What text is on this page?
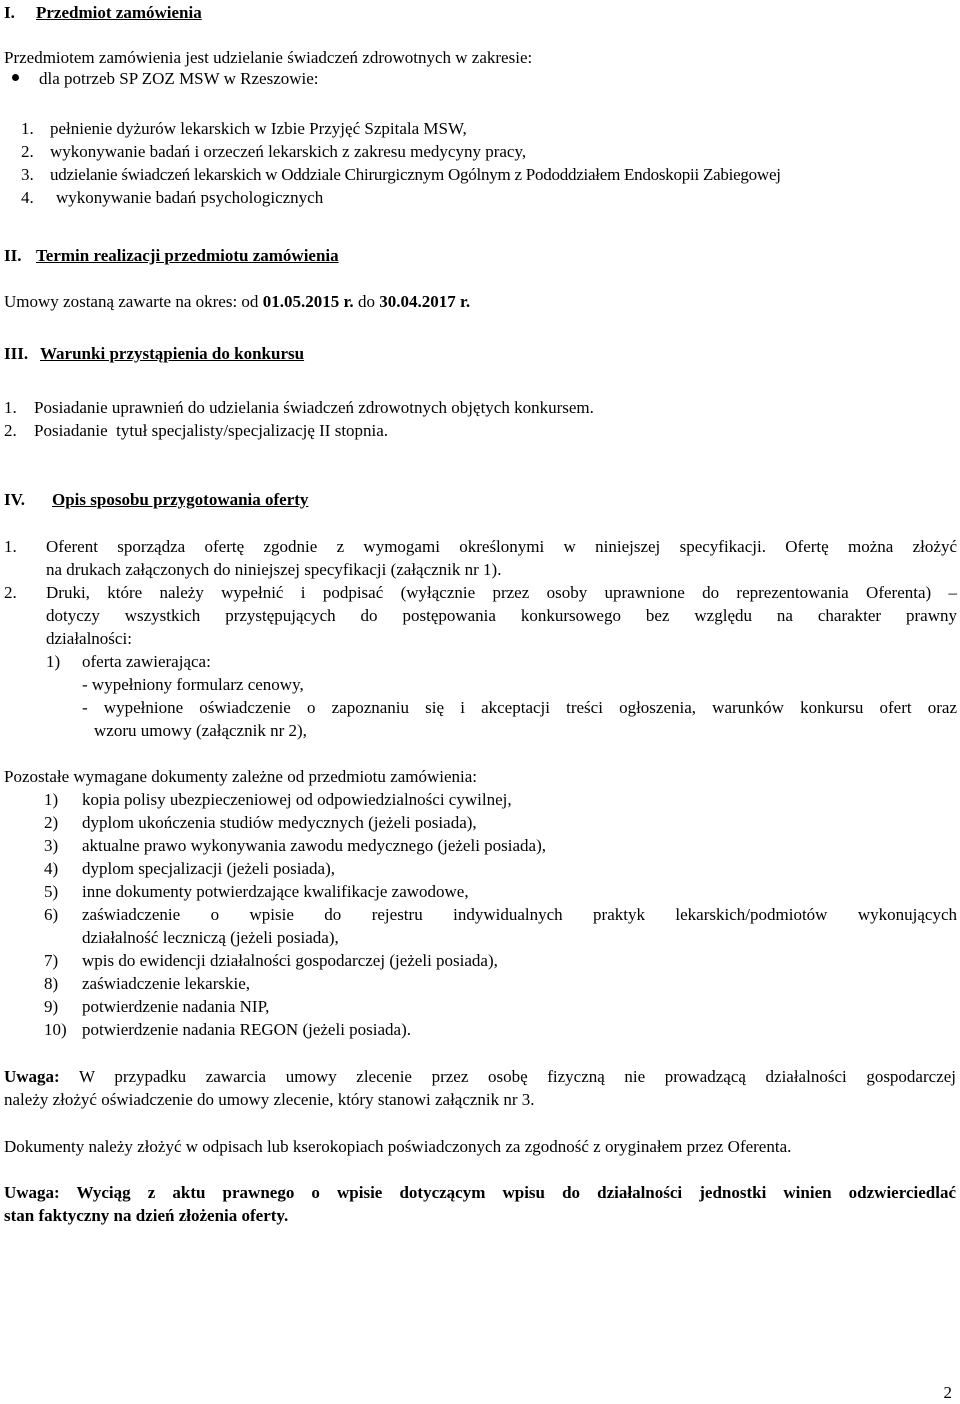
I. Przedmiot zamówienia
Przedmiotem zamówienia jest udzielanie świadczeń zdrowotnych w zakresie:
dla potrzeb SP ZOZ MSW w Rzeszowie:
1. pełnienie dyżurów lekarskich w Izbie Przyjęć Szpitala MSW,
2. wykonywanie badań i orzeczeń lekarskich z zakresu medycyny pracy,
3. udzielanie świadczeń lekarskich w Oddziale Chirurgicznym Ogólnym z Pododdziałem Endoskopii Zabiegowej
4. wykonywanie badań psychologicznych
II. Termin realizacji przedmiotu zamówienia
Umowy zostaną zawarte na okres: od 01.05.2015 r. do 30.04.2017 r.
III. Warunki przystąpienia do konkursu
1. Posiadanie uprawnień do udzielania świadczeń zdrowotnych objętych konkursem.
2. Posiadanie  tytuł specjalisty/specjalizację II stopnia.
IV. Opis sposobu przygotowania oferty
1. Oferent sporządza ofertę zgodnie z wymogami określonymi w niniejszej specyfikacji. Ofertę można złożyć
na drukach załączonych do niniejszej specyfikacji (załącznik nr 1).
2. Druki, które należy wypełnić i podpisać (wyłącznie przez osoby uprawnione do reprezentowania Oferenta) –
dotyczy wszystkich przystępujących do postępowania konkursowego bez względu na charakter prawny
działalności:
1) oferta zawierająca:
- wypełniony formularz cenowy,
- wypełnione oświadczenie o zapoznaniu się i akceptacji treści ogłoszenia, warunków konkursu ofert oraz
wzoru umowy (załącznik nr 2),
Pozostałe wymagane dokumenty zależne od przedmiotu zamówienia:
1) kopia polisy ubezpieczeniowej od odpowiedzialności cywilnej,
2) dyplom ukończenia studiów medycznych (jeżeli posiada),
3) aktualne prawo wykonywania zawodu medycznego (jeżeli posiada),
4) dyplom specjalizacji (jeżeli posiada),
5) inne dokumenty potwierdzające kwalifikacje zawodowe,
6) zaświadczenie o wpisie do rejestru indywidualnych praktyk lekarskich/podmiotów wykonujących
działalność leczniczą (jeżeli posiada),
7) wpis do ewidencji działalności gospodarczej (jeżeli posiada),
8) zaświadczenie lekarskie,
9) potwierdzenie nadania NIP,
10) potwierdzenie nadania REGON (jeżeli posiada).
Uwaga: W przypadku zawarcia umowy zlecenie przez osobę fizyczną nie prowadzącą działalności gospodarczej
należy złożyć oświadczenie do umowy zlecenie, który stanowi załącznik nr 3.
Dokumenty należy złożyć w odpisach lub kserokopiach poświadczonych za zgodność z oryginałem przez Oferenta.
Uwaga: Wyciąg z aktu prawnego o wpisie dotyczącym wpisu do działalności jednostki winien odzwierciedlać
stan faktyczny na dzień złożenia oferty.
2
